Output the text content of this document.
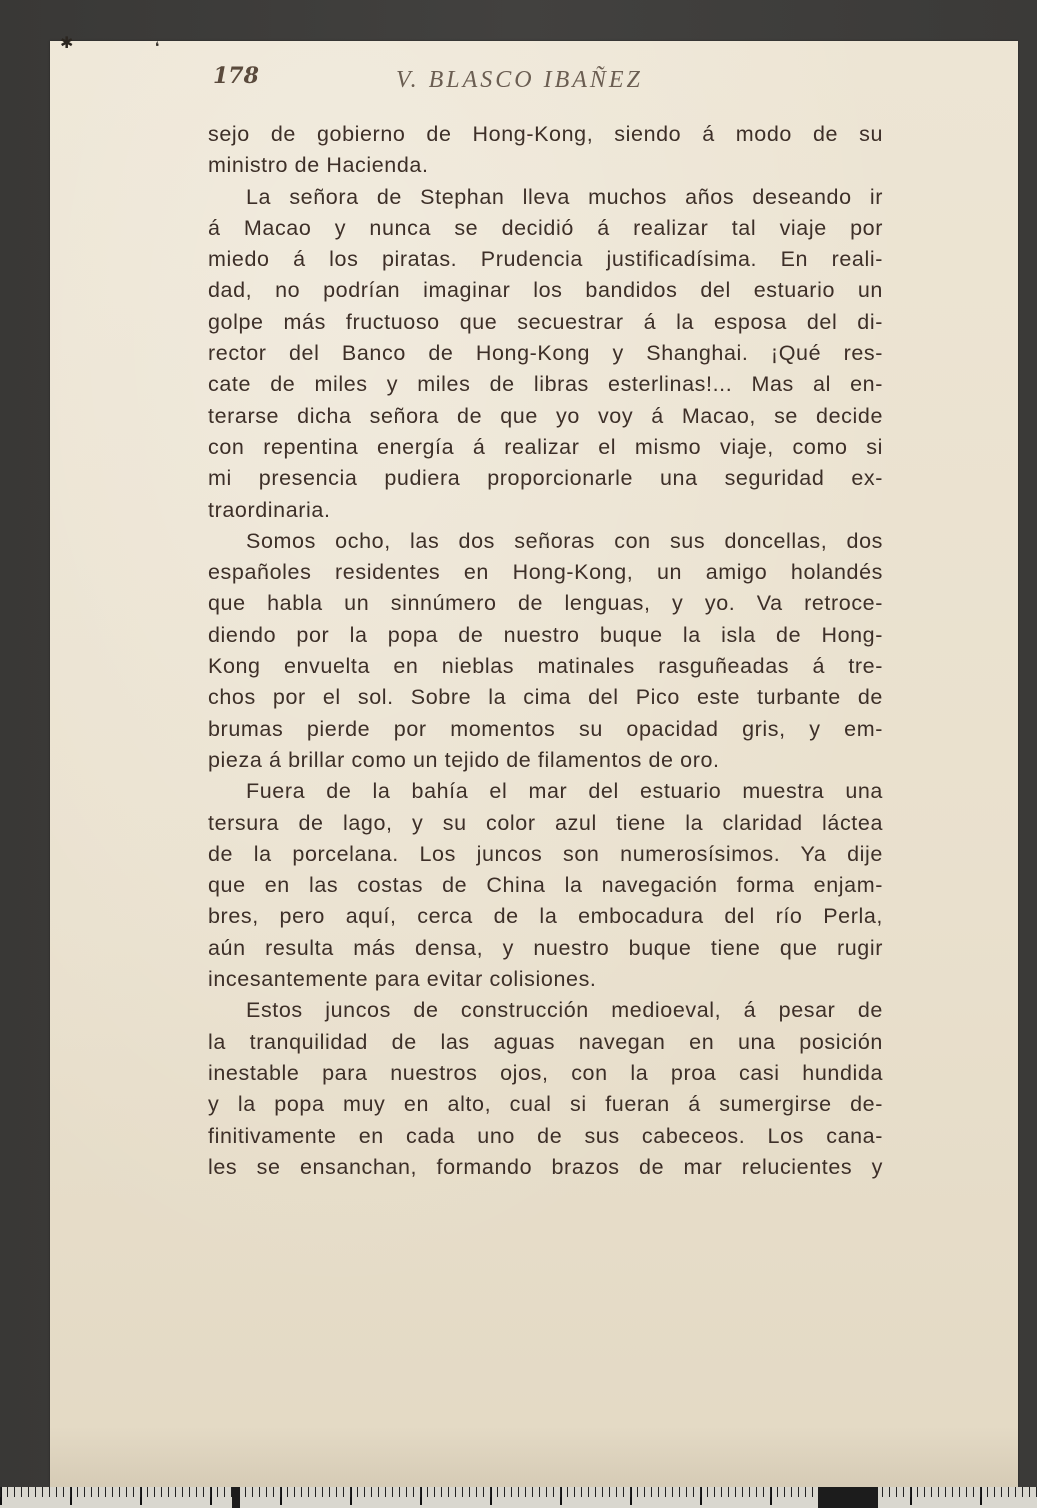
✱	❛
178	V. BLASCO IBAÑEZ
sejo de gobierno de Hong-Kong, siendo á modo de su
ministro de Hacienda.
La señora de Stephan lleva muchos años deseando ir
á Macao y nunca se decidió á realizar tal viaje por
miedo á los piratas. Prudencia justificadísima. En reali-
dad, no podrían imaginar los bandidos del estuario un
golpe más fructuoso que secuestrar á la esposa del di-
rector del Banco de Hong-Kong y Shanghai. ¡Qué res-
cate de miles y miles de libras esterlinas!... Mas al en-
terarse dicha señora de que yo voy á Macao, se decide
con repentina energía á realizar el mismo viaje, como si
mi presencia pudiera proporcionarle una seguridad ex-
traordinaria.
Somos ocho, las dos señoras con sus doncellas, dos
españoles residentes en Hong-Kong, un amigo holandés
que habla un sinnúmero de lenguas, y yo. Va retroce-
diendo por la popa de nuestro buque la isla de Hong-
Kong envuelta en nieblas matinales rasguñeadas á tre-
chos por el sol. Sobre la cima del Pico este turbante de
brumas pierde por momentos su opacidad gris, y em-
pieza á brillar como un tejido de filamentos de oro.
Fuera de la bahía el mar del estuario muestra una
tersura de lago, y su color azul tiene la claridad láctea
de la porcelana. Los juncos son numerosísimos. Ya dije
que en las costas de China la navegación forma enjam-
bres, pero aquí, cerca de la embocadura del río Perla,
aún resulta más densa, y nuestro buque tiene que rugir
incesantemente para evitar colisiones.
Estos juncos de construcción medioeval, á pesar de
la tranquilidad de las aguas navegan en una posición
inestable para nuestros ojos, con la proa casi hundida
y la popa muy en alto, cual si fueran á sumergirse de-
finitivamente en cada uno de sus cabeceos. Los cana-
les se ensanchan, formando brazos de mar relucientes y
